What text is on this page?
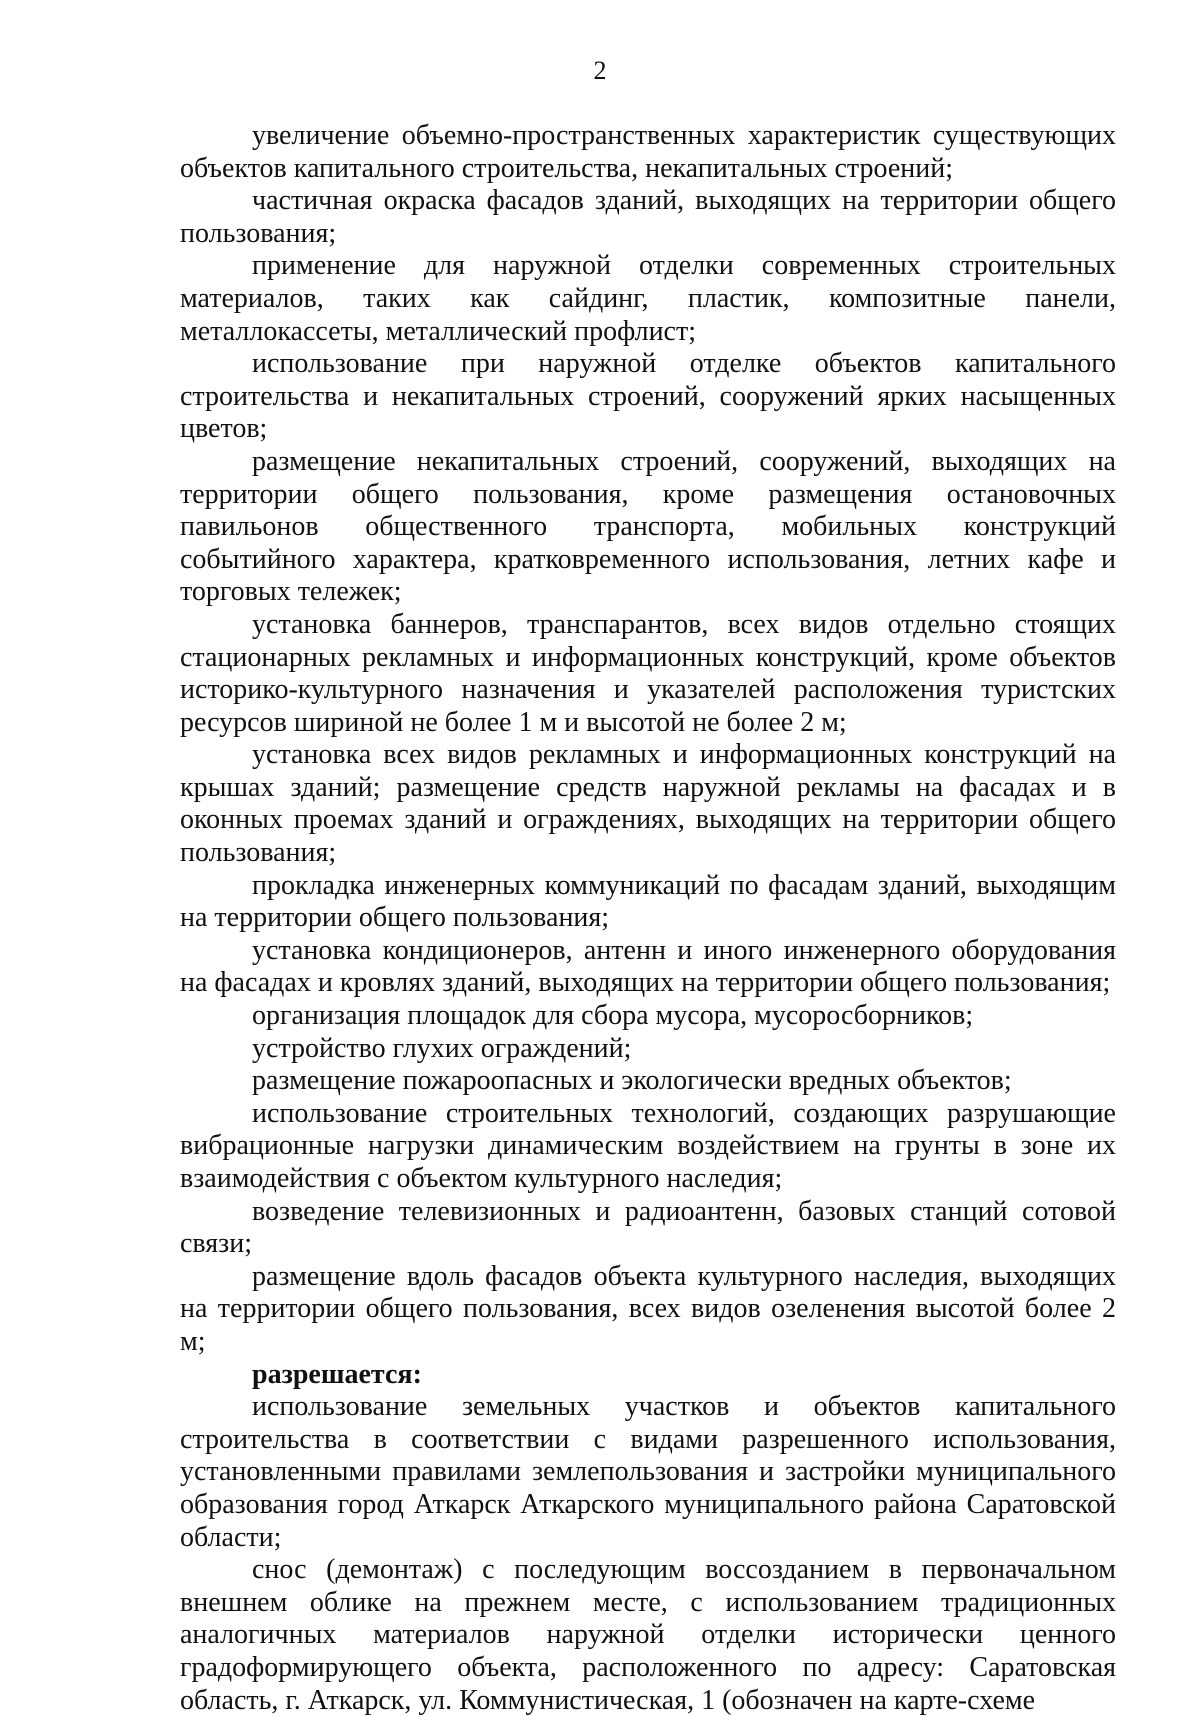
2

увеличение объемно-пространственных характеристик существующих объектов капитального строительства, некапитальных строений;

частичная окраска фасадов зданий, выходящих на территории общего пользования;

применение для наружной отделки современных строительных материалов, таких как сайдинг, пластик, композитные панели, металлокассеты, металлический профлист;

использование при наружной отделке объектов капитального строительства и некапитальных строений, сооружений ярких насыщенных цветов;

размещение некапитальных строений, сооружений, выходящих на территории общего пользования, кроме размещения остановочных павильонов общественного транспорта, мобильных конструкций событийного характера, кратковременного использования, летних кафе и торговых тележек;

установка баннеров, транспарантов, всех видов отдельно стоящих стационарных рекламных и информационных конструкций, кроме объектов историко-культурного назначения и указателей расположения туристских ресурсов шириной не более 1 м и высотой не более 2 м;

установка всех видов рекламных и информационных конструкций на крышах зданий; размещение средств наружной рекламы на фасадах и в оконных проемах зданий и ограждениях, выходящих на территории общего пользования;

прокладка инженерных коммуникаций по фасадам зданий, выходящим на территории общего пользования;

установка кондиционеров, антенн и иного инженерного оборудования на фасадах и кровлях зданий, выходящих на территории общего пользования;

организация площадок для сбора мусора, мусоросборников;

устройство глухих ограждений;

размещение пожароопасных и экологически вредных объектов;

использование строительных технологий, создающих разрушающие вибрационные нагрузки динамическим воздействием на грунты в зоне их взаимодействия с объектом культурного наследия;

возведение телевизионных и радиоантенн, базовых станций сотовой связи;

размещение вдоль фасадов объекта культурного наследия, выходящих на территории общего пользования, всех видов озеленения высотой более 2 м;

разрешается:

использование земельных участков и объектов капитального строительства в соответствии с видами разрешенного использования, установленными правилами землепользования и застройки муниципального образования город Аткарск Аткарского муниципального района Саратовской области;

снос (демонтаж) с последующим воссозданием в первоначальном внешнем облике на прежнем месте, с использованием традиционных аналогичных материалов наружной отделки исторически ценного градоформирующего объекта, расположенного по адресу: Саратовская область, г. Аткарск, ул. Коммунистическая, 1 (обозначен на карте-схеме
